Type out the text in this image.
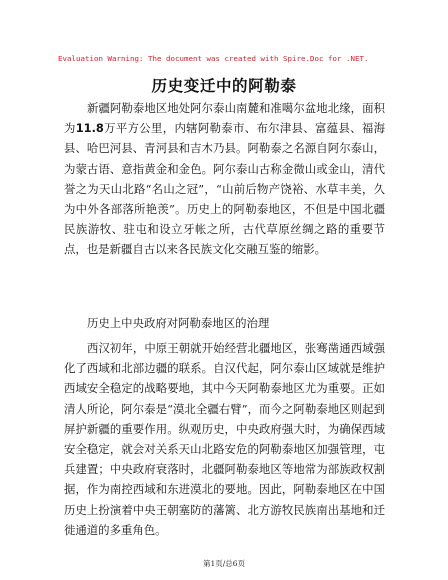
Evaluation Warning: The document was created with Spire.Doc for .NET.
历史变迁中的阿勒泰

新疆阿勒泰地区地处阿尔泰山南麓和准噶尔盆地北缘，面积为11.8万平方公里，内辖阿勒泰市、布尔津县、富蕴县、福海县、哈巴河县、青河县和吉木乃县。阿勒泰之名源自阿尔泰山，为蒙古语、意指黄金和金色。阿尔泰山古称金微山或金山，清代誉之为天山北路“名山之冠”，“山前后物产饶裕、水草丰美，久为中外各部落所艳羡”。历史上的阿勒泰地区，不但是中国北疆民族游牧、驻屯和设立牙帐之所，古代草原丝绸之路的重要节点，也是新疆自古以来各民族文化交融互鉴的缩影。

历史上中央政府对阿勒泰地区的治理

西汉初年，中原王朝就开始经营北疆地区，张骞凿通西域强化了西域和北部边疆的联系。自汉代起，阿尔泰山区域就是维护西域安全稳定的战略要地，其中今天阿勒泰地区尤为重要。正如清人所论，阿尔泰是“漠北全疆右臂”，而今之阿勒泰地区则起到屏护新疆的重要作用。纵观历史，中央政府强大时，为确保西域安全稳定，就会对关系天山北路安危的阿勒泰地区加强管理，屯兵建置；中央政府衰落时，北疆阿勒泰地区等地常为部族政权割据，作为南控西域和东进漠北的要地。因此，阿勒泰地区在中国历史上扮演着中央王朝塞防的藩篱、北方游牧民族南出基地和迁徙通道的多重角色。

第1页/总6页
